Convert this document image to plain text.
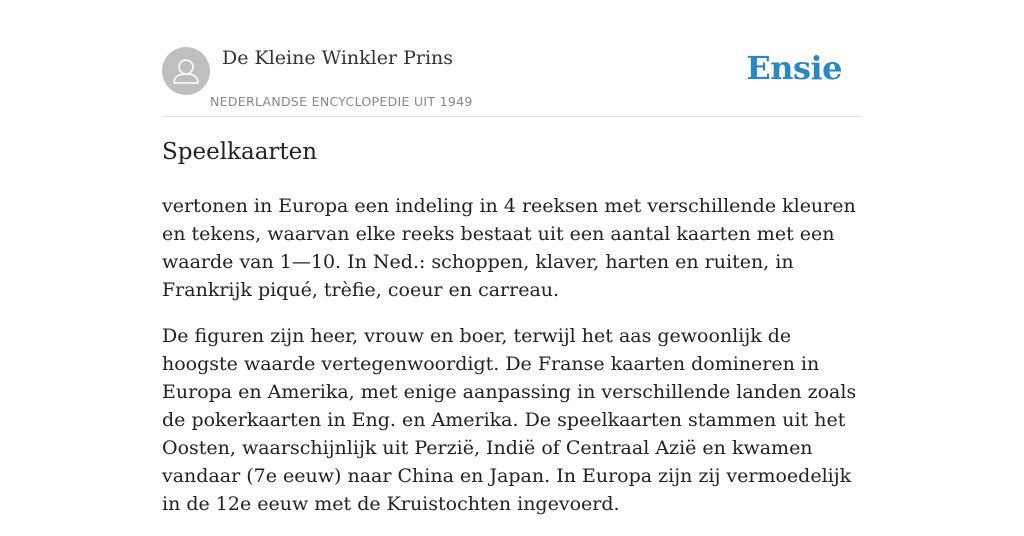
De Kleine Winkler Prins
NEDERLANDSE ENCYCLOPEDIE UIT 1949
Ensie
Speelkaarten

vertonen in Europa een indeling in 4 reeksen met verschillende kleuren en tekens, waarvan elke reeks bestaat uit een aantal kaarten met een waarde van 1—10. In Ned.: schoppen, klaver, harten en ruiten, in Frankrijk piqué, trèfie, coeur en carreau.

De figuren zijn heer, vrouw en boer, terwijl het aas gewoonlijk de hoogste waarde vertegenwoordigt. De Franse kaarten domineren in Europa en Amerika, met enige aanpassing in verschillende landen zoals de pokerkaarten in Eng. en Amerika. De speelkaarten stammen uit het Oosten, waarschijnlijk uit Perzië, Indië of Centraal Azië en kwamen vandaar (7e eeuw) naar China en Japan. In Europa zijn zij vermoedelijk in de 12e eeuw met de Kruistochten ingevoerd.
